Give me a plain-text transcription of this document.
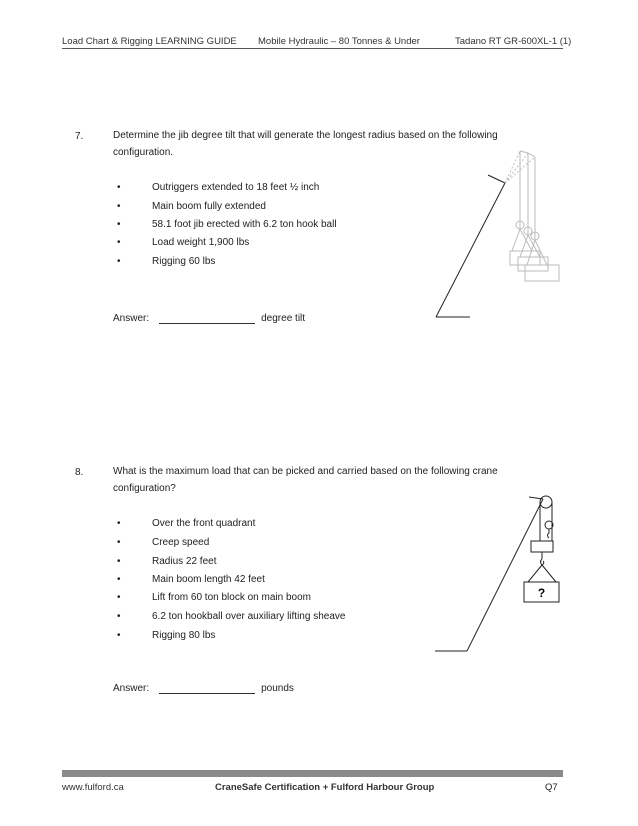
Load Chart & Rigging LEARNING GUIDE Mobile Hydraulic – 80 Tonnes & Under	Tadano RT GR-600XL-1 (1)
7.	Determine the jib degree tilt that will generate the longest radius based on the following configuration.
•	Outriggers extended to 18 feet ½ inch
•	Main boom fully extended
•	58.1 foot jib erected with 6.2 ton hook ball
•	Load weight 1,900 lbs
•	Rigging 60 lbs
Answer:	degree tilt
8.	What is the maximum load that can be picked and carried based on the following crane configuration?
•	Over the front quadrant
•	Creep speed
•	Radius 22 feet
•	Main boom length 42 feet
•	Lift from 60 ton block on main boom
•	6.2 ton hookball over auxiliary lifting sheave
•	Rigging 80 lbs
Answer:	pounds
?
www.fulford.ca	CraneSafe Certification + Fulford Harbour Group	Q7
